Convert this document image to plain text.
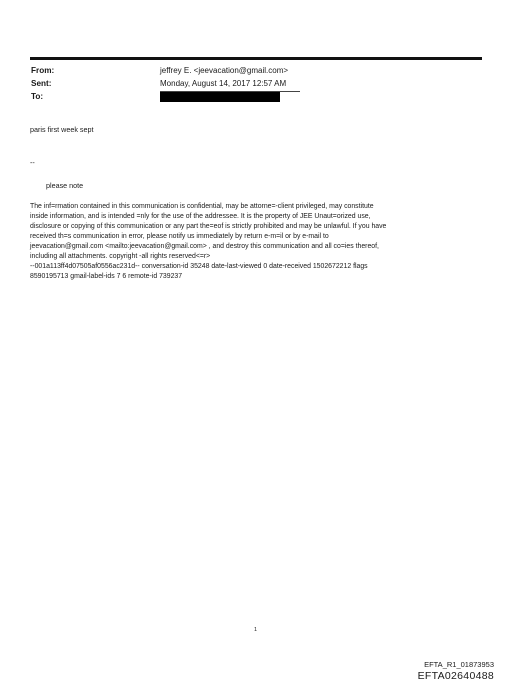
From:	jeffrey E. <jeevacation@gmail.com>
Sent:	Monday, August 14, 2017 12:57 AM
To:
paris first week sept
--
please note
The inf=rmation contained in this communication is confidential, may be attorne=-client privileged, may constitute
inside information, and is intended =nly for the use of the addressee. It is the property of JEE Unaut=orized use,
disclosure or copying of this communication or any part the=eof is strictly prohibited and may be unlawful. If you have
received th=s communication in error, please notify us immediately by return e-m=il or by e-mail to
jeevacation@gmail.com <mailto:jeevacation@gmail.com> , and destroy this communication and all co=ies thereof,
including all attachments. copyright -all rights reserved<=r>
--001a113ff4d07505af0556ac231d-- conversation-id 35248 date-last-viewed 0 date-received 1502672212 flags
8590195713 gmail-label-ids 7 6 remote-id 739237
1
EFTA_R1_01873953
EFTA02640488
